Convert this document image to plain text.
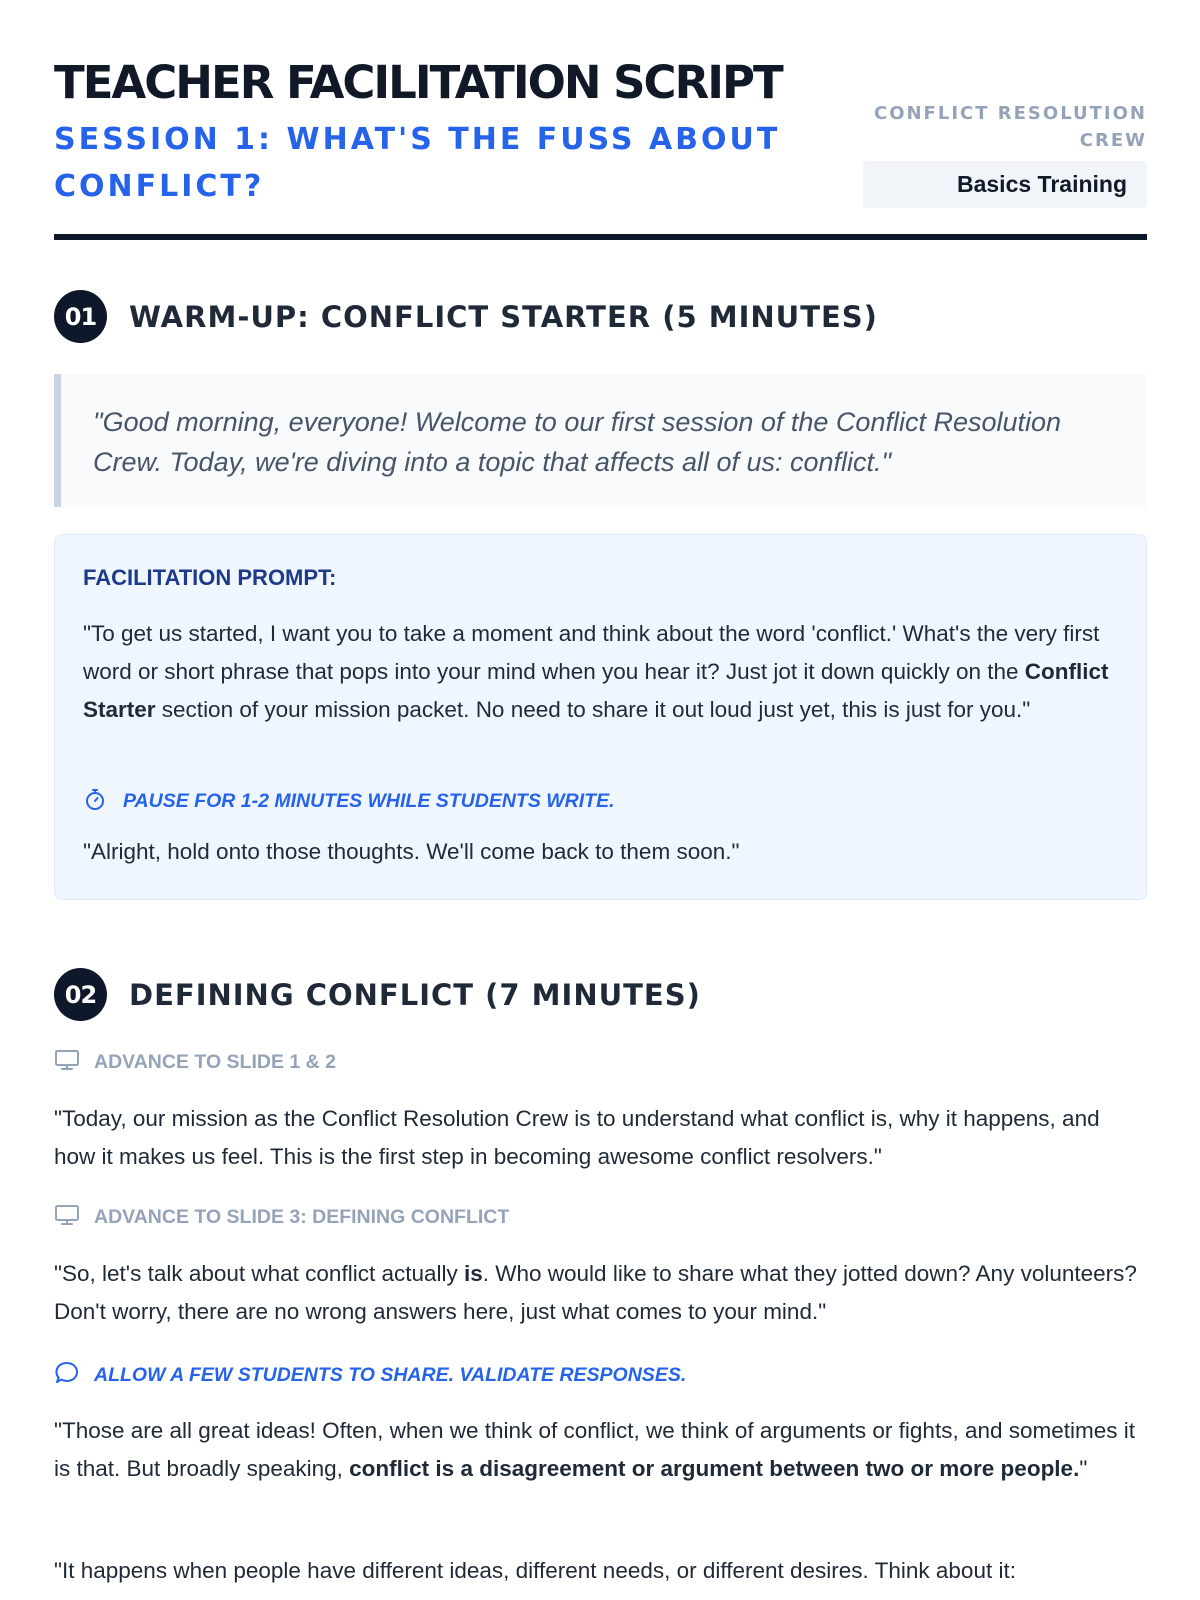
TEACHER FACILITATION SCRIPT
SESSION 1: WHAT'S THE FUSS ABOUT CONFLICT?
CONFLICT RESOLUTION CREW
Basics Training
01	WARM-UP: CONFLICT STARTER (5 MINUTES)
"Good morning, everyone! Welcome to our first session of the Conflict Resolution Crew. Today, we're diving into a topic that affects all of us: conflict."
FACILITATION PROMPT:
"To get us started, I want you to take a moment and think about the word 'conflict.' What's the very first word or short phrase that pops into your mind when you hear it? Just jot it down quickly on the Conflict Starter section of your mission packet. No need to share it out loud just yet, this is just for you."
PAUSE FOR 1-2 MINUTES WHILE STUDENTS WRITE.
"Alright, hold onto those thoughts. We'll come back to them soon."
02	DEFINING CONFLICT (7 MINUTES)
ADVANCE TO SLIDE 1 & 2
"Today, our mission as the Conflict Resolution Crew is to understand what conflict is, why it happens, and how it makes us feel. This is the first step in becoming awesome conflict resolvers."
ADVANCE TO SLIDE 3: DEFINING CONFLICT
"So, let's talk about what conflict actually is. Who would like to share what they jotted down? Any volunteers? Don't worry, there are no wrong answers here, just what comes to your mind."
ALLOW A FEW STUDENTS TO SHARE. VALIDATE RESPONSES.
"Those are all great ideas! Often, when we think of conflict, we think of arguments or fights, and sometimes it is that. But broadly speaking, conflict is a disagreement or argument between two or more people."
"It happens when people have different ideas, different needs, or different desires. Think about it:
